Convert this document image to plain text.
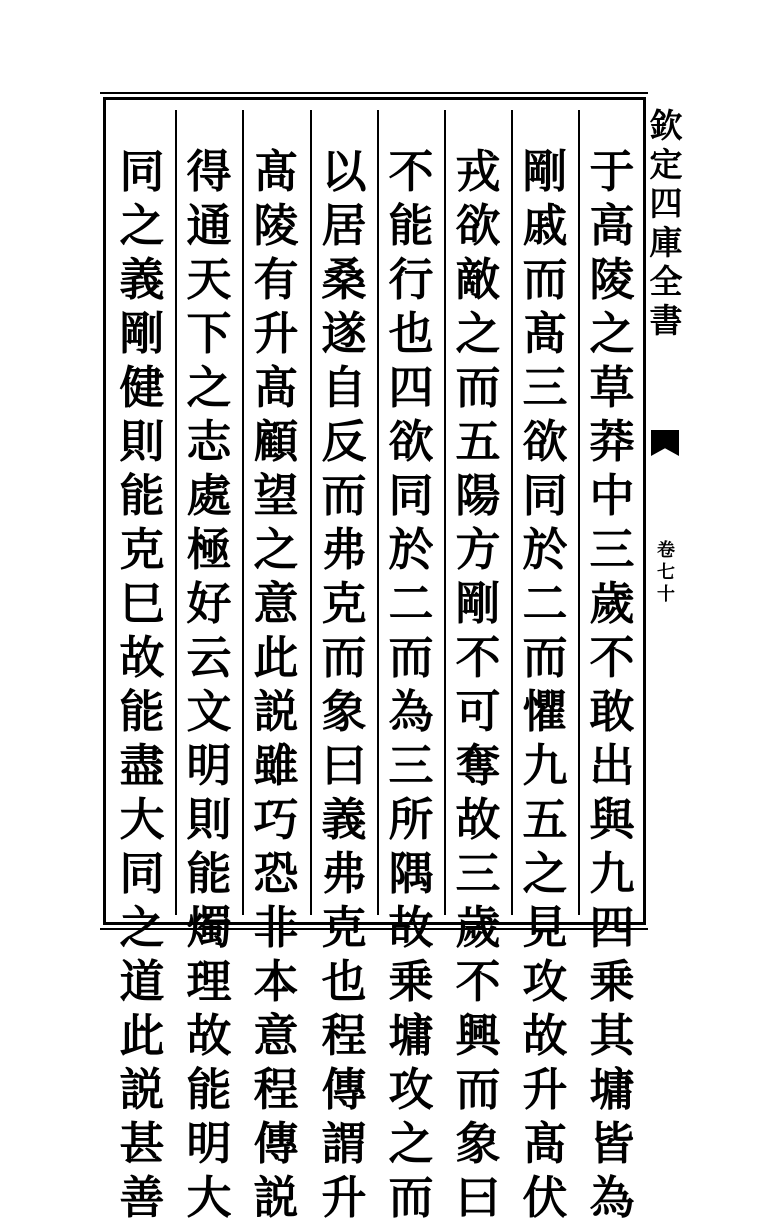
于
高
陵
之
草
莽
中
三
歲
不
敢
出
與
九
四
乗
其
墉
皆
為
剛
戚
而
髙
三
欲
同
於
二
而
懼
九
五
之
見
攻
故
升
髙
伏
戎
欲
敵
之
而
五
陽
方
剛
不
可
奪
故
三
歲
不
興
而
象
曰
不
能
行
也
四
欲
同
於
二
而
為
三
所
隅
故
乗
墉
攻
之
而
以
居
桑
遂
自
反
而
弗
克
而
象
曰
義
弗
克
也
程
傳
謂
升
髙
陵
有
升
髙
顧
望
之
意
此
説
雖
巧
恐
非
本
意
程
傳
説
得
通
天
下
之
志
處
極
好
云
文
明
則
能
燭
理
故
能
明
大
同
之
義
剛
健
則
能
克
巳
故
能
盡
大
同
之
道
此
説
甚
善
欽
定
四
庫
全
書
卷
七
十
